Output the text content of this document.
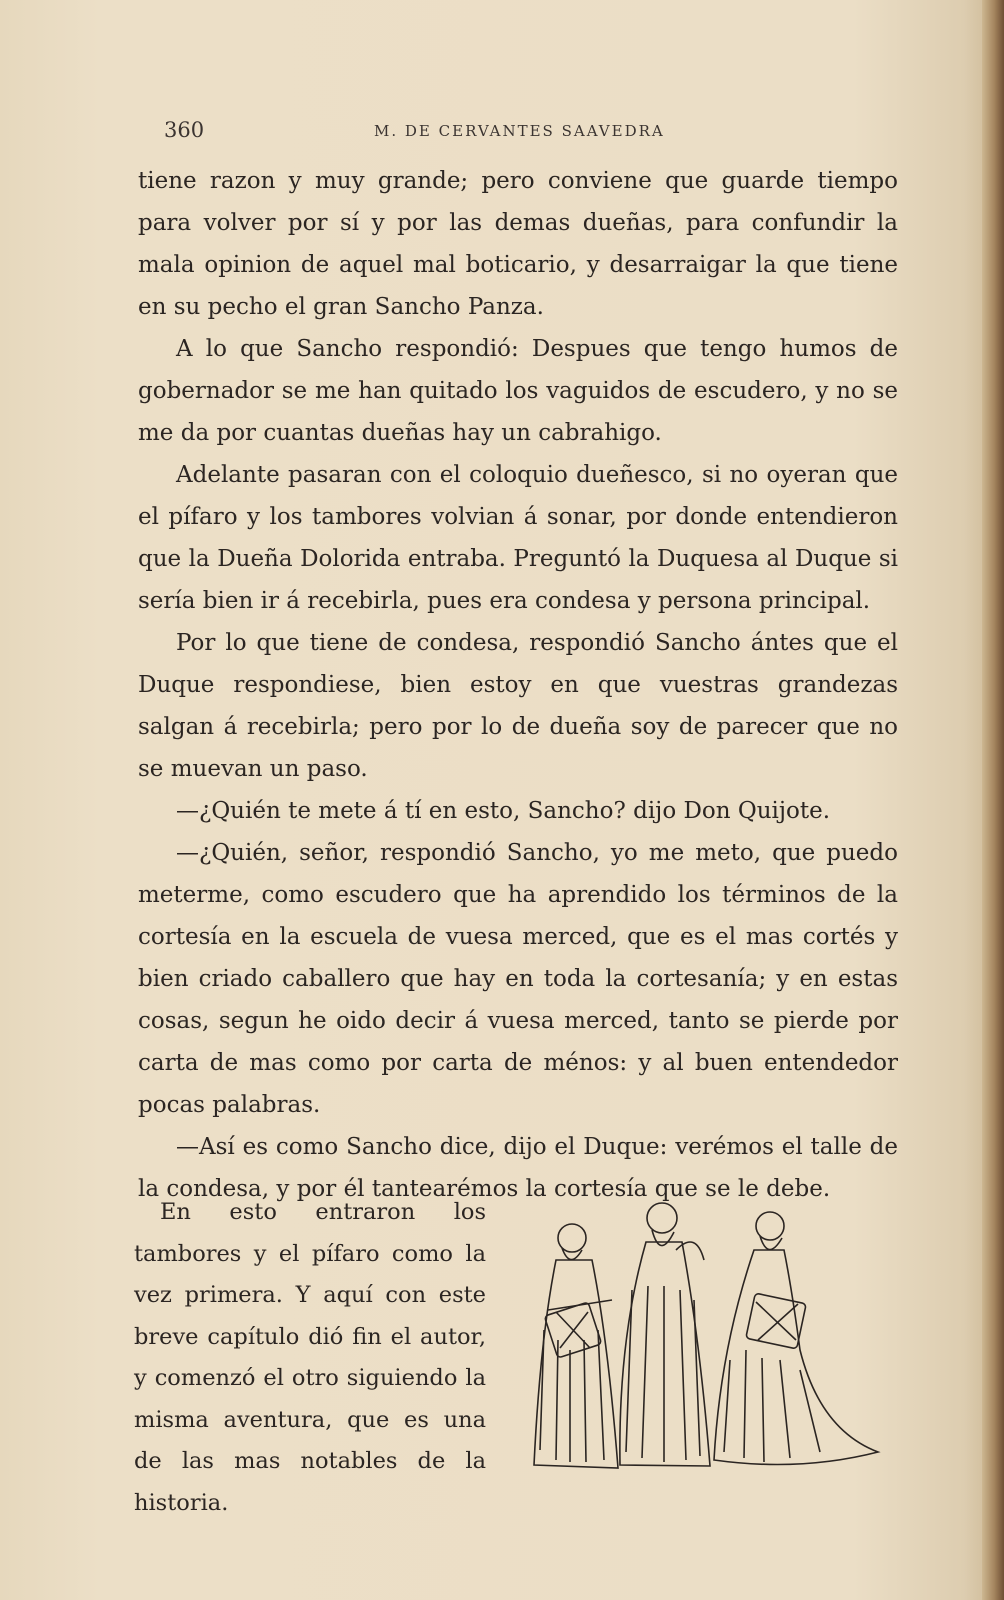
360	M. DE CERVANTES SAAVEDRA

tiene razon y muy grande; pero conviene que guarde tiempo para volver por sí y por las demas dueñas, para confundir la mala opinion de aquel mal boticario, y desarraigar la que tiene en su pecho el gran Sancho Panza.

A lo que Sancho respondió: Despues que tengo humos de gobernador se me han quitado los vaguidos de escudero, y no se me da por cuantas dueñas hay un cabrahigo.

Adelante pasaran con el coloquio dueñesco, si no oyeran que el pífaro y los tambores volvian á sonar, por donde entendieron que la Dueña Dolorida entraba. Preguntó la Duquesa al Duque si sería bien ir á recebirla, pues era condesa y persona principal.

Por lo que tiene de condesa, respondió Sancho ántes que el Duque respondiese, bien estoy en que vuestras grandezas salgan á recebirla; pero por lo de dueña soy de parecer que no se muevan un paso.

—¿Quién te mete á tí en esto, Sancho? dijo Don Quijote.

—¿Quién, señor, respondió Sancho, yo me meto, que puedo meterme, como escudero que ha aprendido los términos de la cortesía en la escuela de vuesa merced, que es el mas cortés y bien criado caballero que hay en toda la cortesanía; y en estas cosas, segun he oido decir á vuesa merced, tanto se pierde por carta de mas como por carta de ménos: y al buen entendedor pocas palabras.

—Así es como Sancho dice, dijo el Duque: verémos el talle de la condesa, y por él tantearémos la cortesía que se le debe.

En esto entraron los tambores y el pífaro como la vez primera. Y aquí con este breve capítulo dió fin el autor, y comenzó el otro siguiendo la misma aventura, que es una de las mas notables de la historia.
